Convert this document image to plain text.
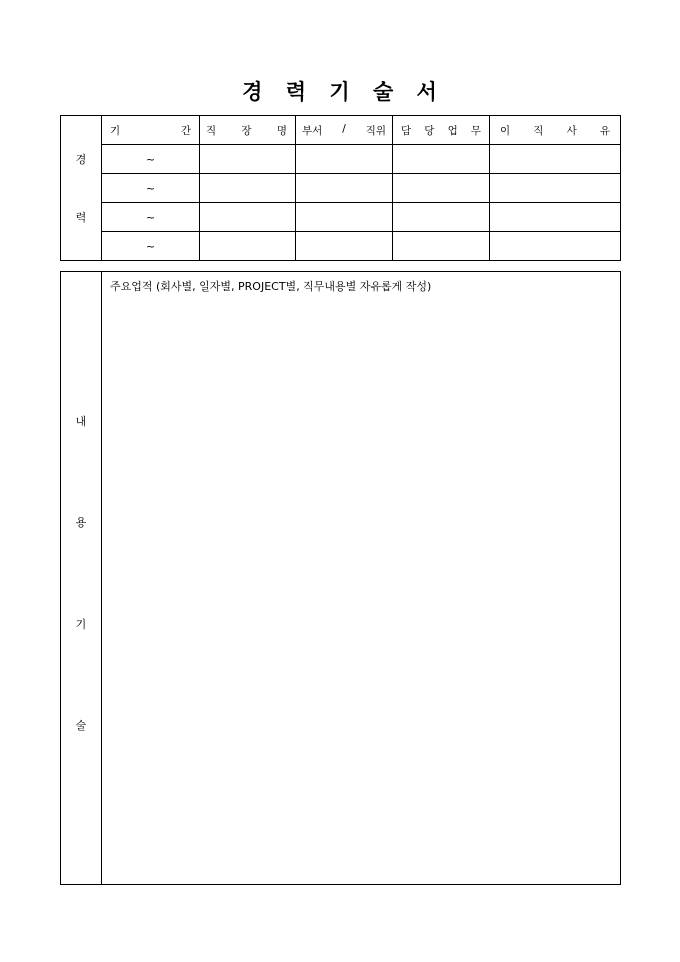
경 력 기 술 서
경
력	기 간	직 장 명	부서 / 직위	담 당 업 무	이 직 사 유

	~				
	~				
	~				
	~				
내
용
기
술

주요업적 (회사별, 일자별, PROJECT별, 직무내용별 자유롭게 작성)
